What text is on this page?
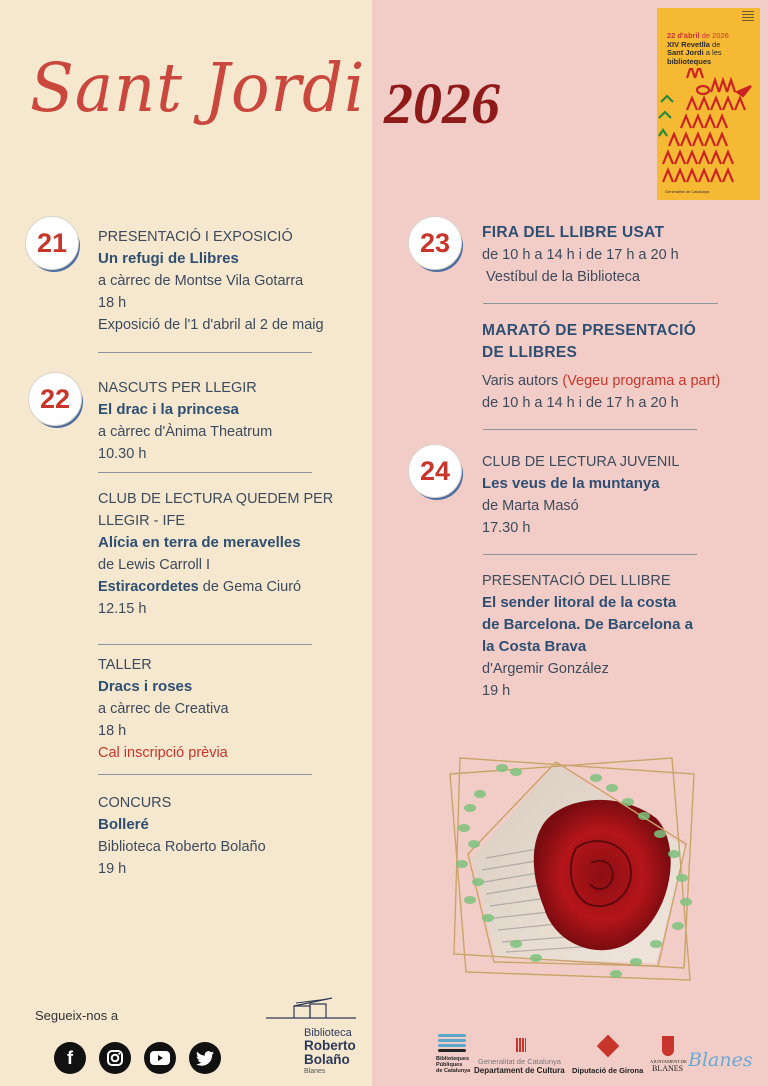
Sant Jordi 2026
22 d'abril de 2026
XIV Revetlla de
Sant Jordi a les
biblioteques
Generalitat de Catalunya
21
22
23
24
PRESENTACIÓ I EXPOSICIÓ
Un refugi de Llibres
a càrrec de Montse Vila Gotarra
18 h
Exposició de l'1 d'abril al 2 de maig
NASCUTS PER LLEGIR
El drac i la princesa
a càrrec d'Ànima Theatrum
10.30 h
CLUB DE LECTURA QUEDEM PER
LLEGIR - IFE
Alícia en terra de meravelles
de Lewis Carroll I
Estiracordetes de Gema Ciuró
12.15 h
TALLER
Dracs i roses
a càrrec de Creativa
18 h
Cal inscripció prèvia
CONCURS
Bolleré
Biblioteca Roberto Bolaño
19 h
FIRA DEL LLIBRE USAT
de 10 h a 14 h i de 17 h a 20 h
Vestíbul de la Biblioteca
MARATÓ DE PRESENTACIÓ
DE LLIBRES
Varis autors (Vegeu programa a part)
de 10 h a 14 h i de 17 h a 20 h
CLUB DE LECTURA JUVENIL
Les veus de la muntanya
de Marta Masó
17.30 h
PRESENTACIÓ DEL LLIBRE
El sender litoral de la costa
de Barcelona. De Barcelona a
la Costa Brava
d'Argemir González
19 h
Segueix-nos a
f
Biblioteca
Roberto
Bolaño
Blanes
Biblioteques
Públiques
de Catalunya
Generalitat de Catalunya
Departament de Cultura Diputació de Girona
AJUNTAMENT DE
BLANES Blanes
